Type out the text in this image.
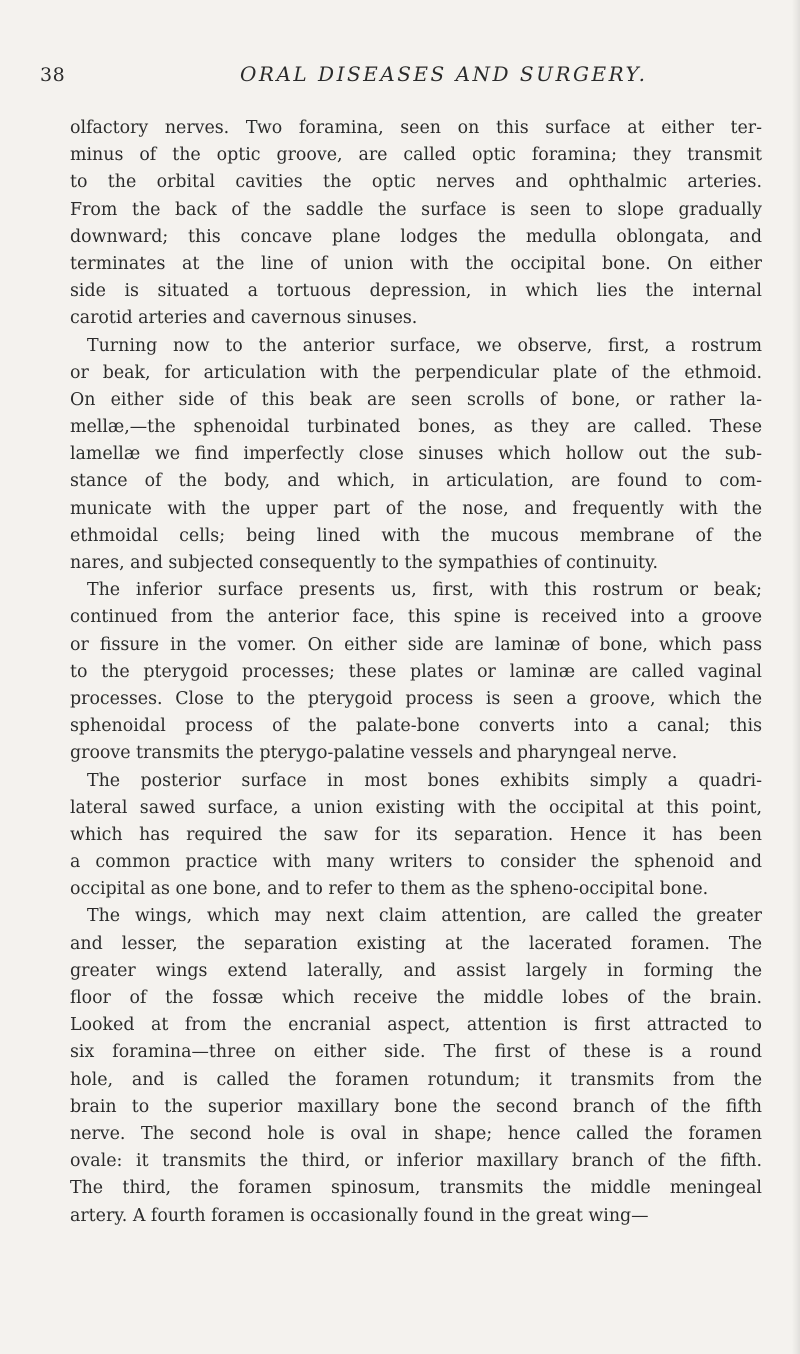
38	ORAL DISEASES AND SURGERY.
olfactory nerves. Two foramina, seen on this surface at either ter-
minus of the optic groove, are called optic foramina; they transmit
to the orbital cavities the optic nerves and ophthalmic arteries.
From the back of the saddle the surface is seen to slope gradually
downward; this concave plane lodges the medulla oblongata, and
terminates at the line of union with the occipital bone. On either
side is situated a tortuous depression, in which lies the internal
carotid arteries and cavernous sinuses.
Turning now to the anterior surface, we observe, first, a rostrum
or beak, for articulation with the perpendicular plate of the ethmoid.
On either side of this beak are seen scrolls of bone, or rather la-
mellæ,—the sphenoidal turbinated bones, as they are called. These
lamellæ we find imperfectly close sinuses which hollow out the sub-
stance of the body, and which, in articulation, are found to com-
municate with the upper part of the nose, and frequently with the
ethmoidal cells; being lined with the mucous membrane of the
nares, and subjected consequently to the sympathies of continuity.
The inferior surface presents us, first, with this rostrum or beak;
continued from the anterior face, this spine is received into a groove
or fissure in the vomer. On either side are laminæ of bone, which pass
to the pterygoid processes; these plates or laminæ are called vaginal
processes. Close to the pterygoid process is seen a groove, which the
sphenoidal process of the palate-bone converts into a canal; this
groove transmits the pterygo-palatine vessels and pharyngeal nerve.
The posterior surface in most bones exhibits simply a quadri-
lateral sawed surface, a union existing with the occipital at this point,
which has required the saw for its separation. Hence it has been
a common practice with many writers to consider the sphenoid and
occipital as one bone, and to refer to them as the spheno-occipital bone.
The wings, which may next claim attention, are called the greater
and lesser, the separation existing at the lacerated foramen. The
greater wings extend laterally, and assist largely in forming the
floor of the fossæ which receive the middle lobes of the brain.
Looked at from the encranial aspect, attention is first attracted to
six foramina—three on either side. The first of these is a round
hole, and is called the foramen rotundum; it transmits from the
brain to the superior maxillary bone the second branch of the fifth
nerve. The second hole is oval in shape; hence called the foramen
ovale: it transmits the third, or inferior maxillary branch of the fifth.
The third, the foramen spinosum, transmits the middle meningeal
artery. A fourth foramen is occasionally found in the great wing—
